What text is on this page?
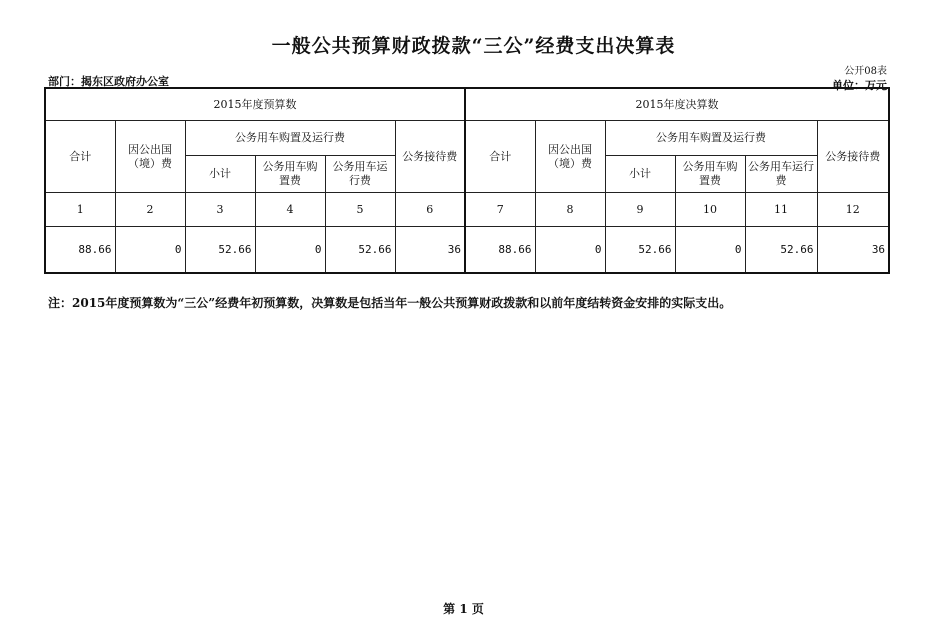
一般公共预算财政拨款“三公”经费支出决算表
公开08表
单位：万元
部门：揭东区政府办公室
2015年度预算数						2015年度决算数					
合计	因公出国（境）费	公务用车购置及运行费			公务接待费	合计	因公出国（境）费	公务用车购置及运行费			公务接待费
		小计	公务用车购置费	公务用车运行费				小计	公务用车购置费	公务用车运行费	
1	2	3	4	5	6	7	8	9	10	11	12
88.66	0	52.66	0	52.66	36	88.66	0	52.66	0	52.66	36
注：2015年度预算数为“三公”经费年初预算数，决算数是包括当年一般公共预算财政拨款和以前年度结转资金安排的实际支出。
第 1 页
